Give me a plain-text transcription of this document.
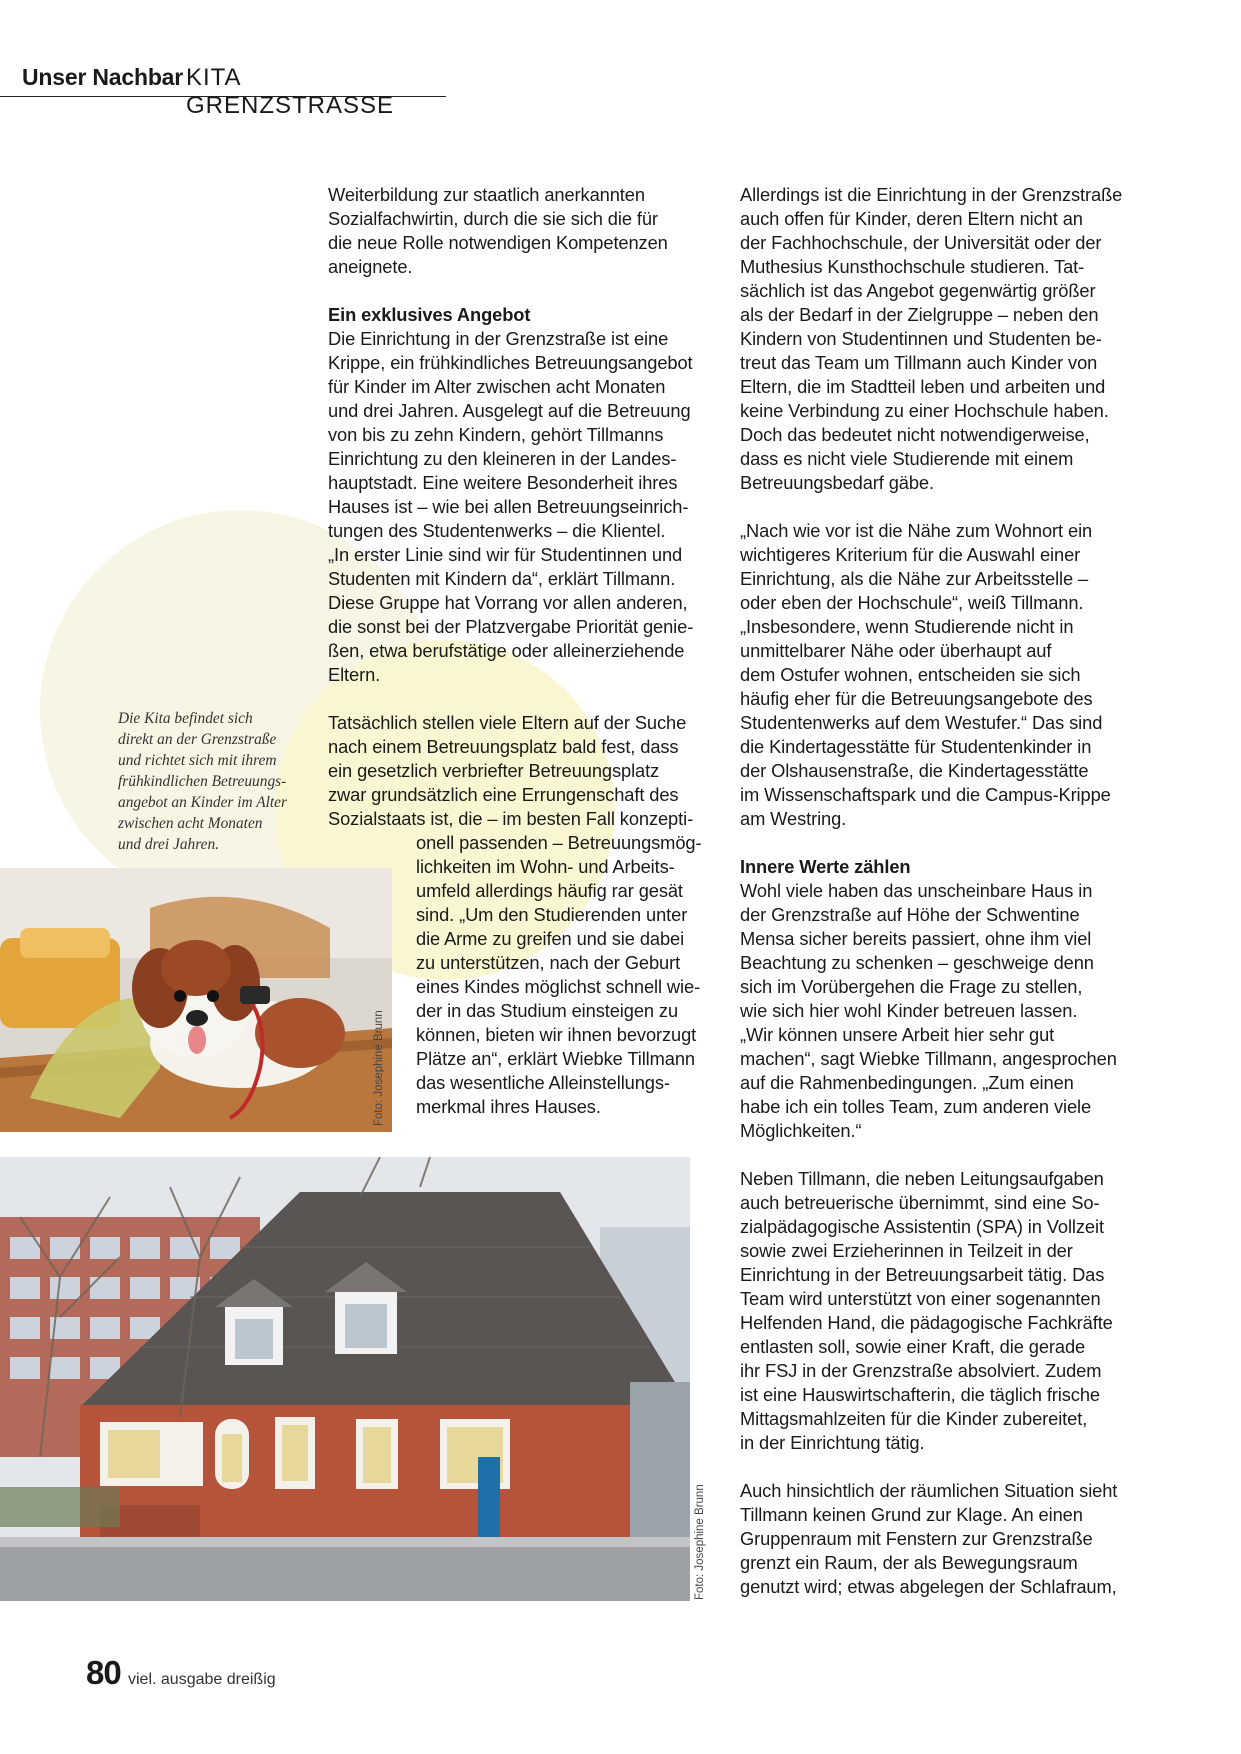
Unser Nachbar KITA GRENZSTRASSE

Weiterbildung zur staatlich anerkannten

Sozialfachwirtin, durch die sie sich die für

die neue Rolle notwendigen Kompetenzen

aneignete.

Ein exklusives Angebot

Die Einrichtung in der Grenzstraße ist eine

Krippe, ein frühkindliches Betreuungsangebot

für Kinder im Alter zwischen acht Monaten

und drei Jahren. Ausgelegt auf die Betreuung

von bis zu zehn Kindern, gehört Tillmanns

Einrichtung zu den kleineren in der Landes-

hauptstadt. Eine weitere Besonderheit ihres

Hauses ist – wie bei allen Betreuungseinrich-

tungen des Studentenwerks – die Klientel.

„In erster Linie sind wir für Studentinnen und

Studenten mit Kindern da“, erklärt Tillmann.

Diese Gruppe hat Vorrang vor allen anderen,

die sonst bei der Platzvergabe Priorität genie-

ßen, etwa berufstätige oder alleinerziehende

Eltern.

Tatsächlich stellen viele Eltern auf der Suche

nach einem Betreuungsplatz bald fest, dass

ein gesetzlich verbriefter Betreuungsplatz

zwar grundsätzlich eine Errungenschaft des

Sozialstaats ist, die – im besten Fall konzepti-

onell passenden – Betreuungsmög-

lichkeiten im Wohn- und Arbeits-

umfeld allerdings häufig rar gesät

sind. „Um den Studierenden unter

die Arme zu greifen und sie dabei

zu unterstützen, nach der Geburt

eines Kindes möglichst schnell wie-

der in das Studium einsteigen zu

können, bieten wir ihnen bevorzugt

Plätze an“, erklärt Wiebke Tillmann

das wesentliche Alleinstellungs-

merkmal ihres Hauses.

Allerdings ist die Einrichtung in der Grenzstraße

auch offen für Kinder, deren Eltern nicht an

der Fachhochschule, der Universität oder der

Muthesius Kunsthochschule studieren. Tat-

sächlich ist das Angebot gegenwärtig größer

als der Bedarf in der Zielgruppe – neben den

Kindern von Studentinnen und Studenten be-

treut das Team um Tillmann auch Kinder von

Eltern, die im Stadtteil leben und arbeiten und

keine Verbindung zu einer Hochschule haben.

Doch das bedeutet nicht notwendigerweise,

dass es nicht viele Studierende mit einem

Betreuungsbedarf gäbe.

„Nach wie vor ist die Nähe zum Wohnort ein

wichtigeres Kriterium für die Auswahl einer

Einrichtung, als die Nähe zur Arbeitsstelle –

oder eben der Hochschule“, weiß Tillmann.

„Insbesondere, wenn Studierende nicht in

unmittelbarer Nähe oder überhaupt auf

dem Ostufer wohnen, entscheiden sie sich

häufig eher für die Betreuungsangebote des

Studentenwerks auf dem Westufer.“ Das sind

die Kindertagesstätte für Studentenkinder in

der Olshausenstraße, die Kindertagesstätte

im Wissenschaftspark und die Campus-Krippe

am Westring.

Innere Werte zählen

Wohl viele haben das unscheinbare Haus in

der Grenzstraße auf Höhe der Schwentine

Mensa sicher bereits passiert, ohne ihm viel

Beachtung zu schenken – geschweige denn

sich im Vorübergehen die Frage zu stellen,

wie sich hier wohl Kinder betreuen lassen.

„Wir können unsere Arbeit hier sehr gut

machen“, sagt Wiebke Tillmann, angesprochen

auf die Rahmenbedingungen. „Zum einen

habe ich ein tolles Team, zum anderen viele

Möglichkeiten.“

Neben Tillmann, die neben Leitungsaufgaben

auch betreuerische übernimmt, sind eine So-

zialpädagogische Assistentin (SPA) in Vollzeit

sowie zwei Erzieherinnen in Teilzeit in der

Einrichtung in der Betreuungsarbeit tätig. Das

Team wird unterstützt von einer sogenannten

Helfenden Hand, die pädagogische Fachkräfte

entlasten soll, sowie einer Kraft, die gerade

ihr FSJ in der Grenzstraße absolviert. Zudem

ist eine Hauswirtschafterin, die täglich frische

Mittagsmahlzeiten für die Kinder zubereitet,

in der Einrichtung tätig.

Auch hinsichtlich der räumlichen Situation sieht

Tillmann keinen Grund zur Klage. An einen

Gruppenraum mit Fenstern zur Grenzstraße

grenzt ein Raum, der als Bewegungsraum

genutzt wird; etwas abgelegen der Schlafraum,

Die Kita befindet sich

direkt an der Grenzstraße

und richtet sich mit ihrem

frühkindlichen Betreuungs-

angebot an Kinder im Alter

zwischen acht Monaten

und drei Jahren.

Foto: Josephine Brunn
Foto: Josephine Brunn
80 viel. ausgabe dreißig
